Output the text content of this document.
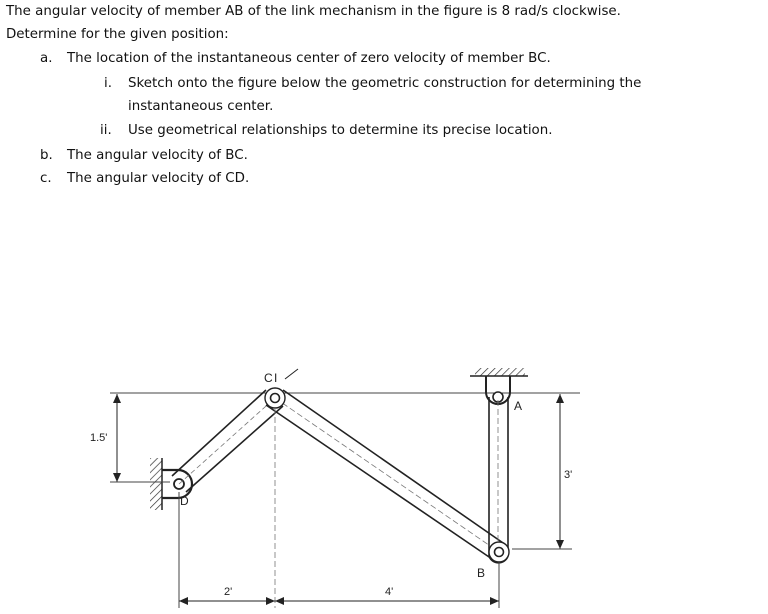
The angular velocity of member AB of the link mechanism in the figure is 8 rad/s clockwise.
Determine for the given position:
a. The location of the instantaneous center of zero velocity of member BC.
i. Sketch onto the figure below the geometric construction for determining the
instantaneous center.
ii. Use geometrical relationships to determine its precise location.
b. The angular velocity of BC.
c. The angular velocity of CD.
C I
A
B
D
1.5'
3'
2'	4'
